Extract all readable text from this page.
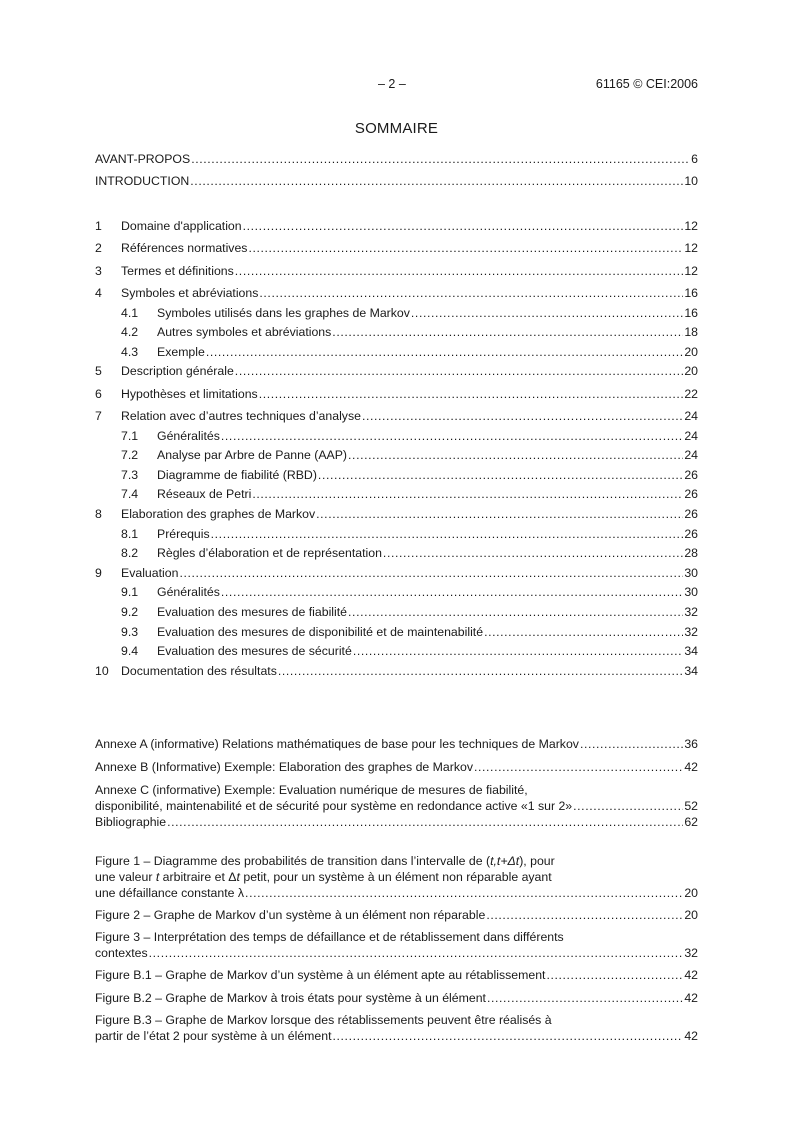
– 2 –	61165 © CEI:2006
SOMMAIRE
AVANT-PROPOS .....	6
INTRODUCTION .....	10
1	Domaine d'application .....	12
2	Références normatives .....	12
3	Termes et définitions .....	12
4	Symboles et abréviations .....	16
4.1	Symboles utilisés dans les graphes de Markov .....	16
4.2	Autres symboles et abréviations .....	18
4.3	Exemple .....	20
5	Description générale .....	20
6	Hypothèses et limitations .....	22
7	Relation avec d’autres techniques d’analyse .....	24
7.1	Généralités .....	24
7.2	Analyse par Arbre de Panne (AAP) .....	24
7.3	Diagramme de fiabilité (RBD) .....	26
7.4	Réseaux de Petri .....	26
8	Elaboration des graphes de Markov .....	26
8.1	Prérequis .....	26
8.2	Règles d’élaboration et de représentation .....	28
9	Evaluation .....	30
9.1	Généralités .....	30
9.2	Evaluation des mesures de fiabilité .....	32
9.3	Evaluation des mesures de disponibilité et de maintenabilité .....	32
9.4	Evaluation des mesures de sécurité .....	34
10	Documentation des résultats .....	34
Annexe A (informative) Relations mathématiques de base pour les techniques de Markov .....	36
Annexe B (Informative) Exemple: Elaboration des graphes de Markov .....	42
Annexe C (informative) Exemple: Evaluation numérique de mesures de fiabilité,
disponibilité, maintenabilité et de sécurité pour système en redondance active «1 sur 2» .....	52
Bibliographie .....	62
Figure 1 – Diagramme des probabilités de transition dans l’intervalle de (t,t+Δt), pour
une valeur t arbitraire et Δt petit, pour un système à un élément non réparable ayant
une défaillance constante λ .....	20
Figure 2 – Graphe de Markov d’un système à un élément non réparable .....	20
Figure 3 – Interprétation des temps de défaillance et de rétablissement dans différents
contextes .....	32
Figure B.1 – Graphe de Markov d’un système à un élément apte au rétablissement .....	42
Figure B.2 – Graphe de Markov à trois états pour système à un élément .....	42
Figure B.3 – Graphe de Markov lorsque des rétablissements peuvent être réalisés à
partir de l’état 2 pour système à un élément .....	42
